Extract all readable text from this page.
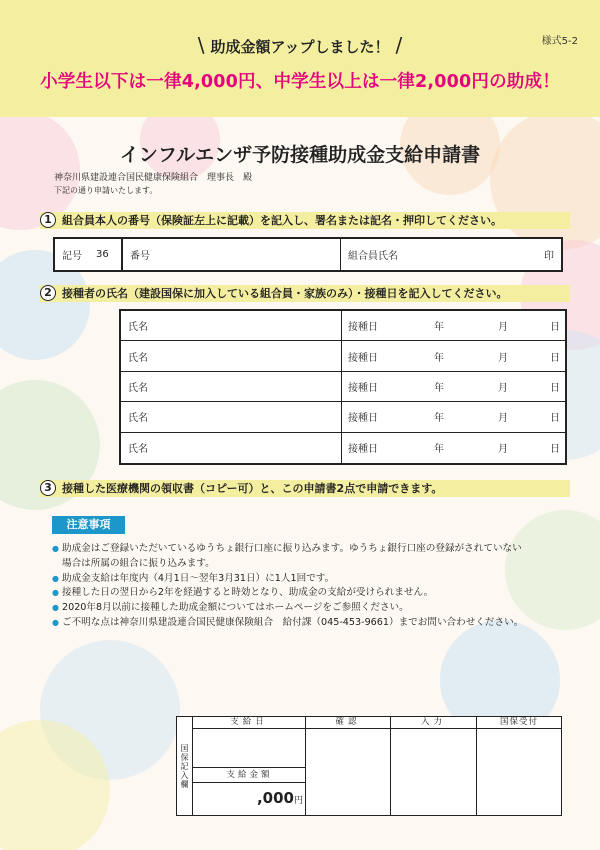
様式5-2
\ 助成金額アップしました！ /
小学生以下は一律4,000円、中学生以上は一律2,000円の助成！
インフルエンザ予防接種助成金支給申請書
神奈川県建設連合国民健康保険組合　理事長　殿
下記の通り申請いたします。
1 組合員本人の番号（保険証左上に記載）を記入し、署名または記名・押印してください。
記号 36 番号	組合員氏名	印
2 接種者の氏名（建設国保に加入している組合員・家族のみ）・接種日を記入してください。
氏名	接種日	年	月	日
氏名	接種日	年	月	日
氏名	接種日	年	月	日
氏名	接種日	年	月	日
氏名	接種日	年	月	日
3 接種した医療機関の領収書（コピー可）と、この申請書2点で申請できます。
注意事項
● 助成金はご登録いただいているゆうちょ銀行口座に振り込みます。ゆうちょ銀行口座の登録がされていない
場合は所属の組合に振り込みます。
● 助成金支給は年度内（4月1日～翌年3月31日）に1人1回です。
● 接種した日の翌日から2年を経過すると時効となり、助成金の支給が受けられません。
● 2020年8月以前に接種した助成金額についてはホームページをご参照ください。
● ご不明な点は神奈川県建設連合国民健康保険組合　給付課（045-453-9661）までお問い合わせください。
国保記入欄
支給日	確認	入力	国保受付
支給金額
,000円
